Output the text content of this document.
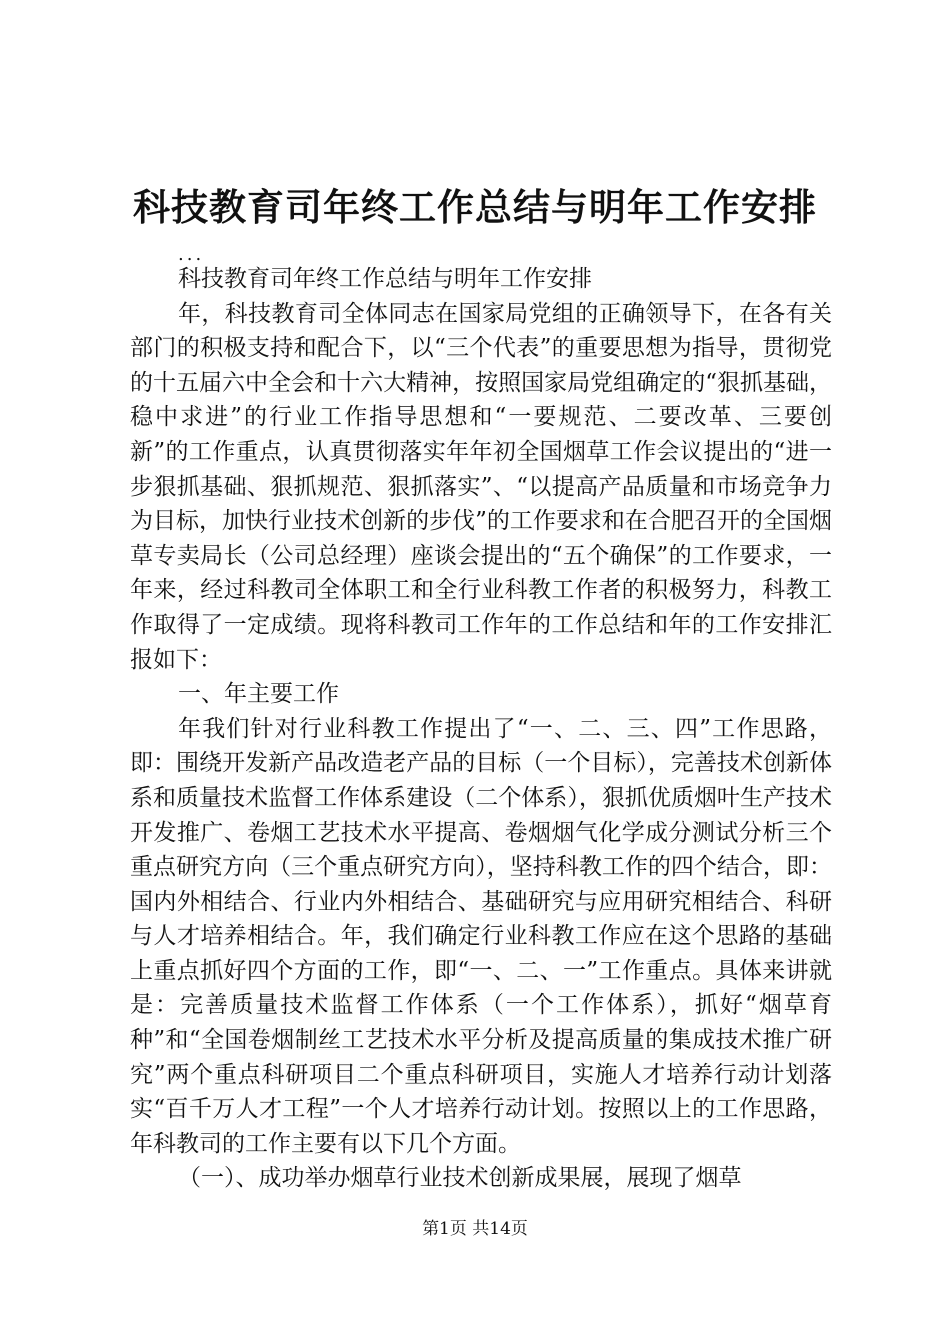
科技教育司年终工作总结与明年工作安排
...

科技教育司年终工作总结与明年工作安排

年，科技教育司全体同志在国家局党组的正确领导下，在各有关部门的积极支持和配合下，以“三个代表”的重要思想为指导，贯彻党的十五届六中全会和十六大精神，按照国家局党组确定的“狠抓基础，稳中求进”的行业工作指导思想和“一要规范、二要改革、三要创新”的工作重点，认真贯彻落实年年初全国烟草工作会议提出的“进一步狠抓基础、狠抓规范、狠抓落实”、“以提高产品质量和市场竞争力为目标，加快行业技术创新的步伐”的工作要求和在合肥召开的全国烟草专卖局长（公司总经理）座谈会提出的“五个确保”的工作要求，一年来，经过科教司全体职工和全行业科教工作者的积极努力，科教工作取得了一定成绩。现将科教司工作年的工作总结和年的工作安排汇报如下：

一、年主要工作

年我们针对行业科教工作提出了“一、二、三、四”工作思路，即：围绕开发新产品改造老产品的目标（一个目标），完善技术创新体系和质量技术监督工作体系建设（二个体系），狠抓优质烟叶生产技术开发推广、卷烟工艺技术水平提高、卷烟烟气化学成分测试分析三个重点研究方向（三个重点研究方向），坚持科教工作的四个结合，即：国内外相结合、行业内外相结合、基础研究与应用研究相结合、科研与人才培养相结合。年，我们确定行业科教工作应在这个思路的基础上重点抓好四个方面的工作，即“一、二、一”工作重点。具体来讲就是：完善质量技术监督工作体系（一个工作体系），抓好“烟草育种”和“全国卷烟制丝工艺技术水平分析及提高质量的集成技术推广研究”两个重点科研项目二个重点科研项目，实施人才培养行动计划落实“百千万人才工程”一个人才培养行动计划。按照以上的工作思路，年科教司的工作主要有以下几个方面。

（一）、成功举办烟草行业技术创新成果展，展现了烟草

第1页 共14页
